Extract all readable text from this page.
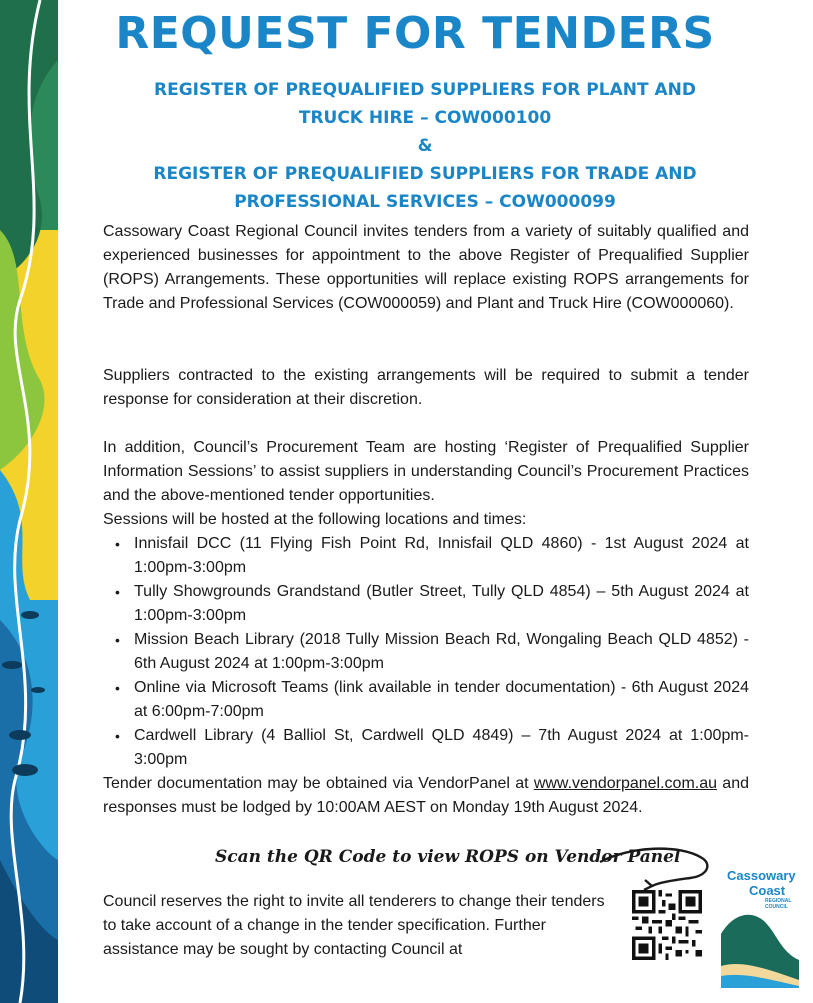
REQUEST FOR TENDERS

REGISTER OF PREQUALIFIED SUPPLIERS FOR PLANT AND
TRUCK HIRE – COW000100

&

REGISTER OF PREQUALIFIED SUPPLIERS FOR TRADE AND
PROFESSIONAL SERVICES – COW000099

Cassowary Coast Regional Council invites tenders from a variety of suitably qualified and experienced businesses for appointment to the above Register of Prequalified Supplier (ROPS) Arrangements. These opportunities will replace existing ROPS arrangements for Trade and Professional Services (COW000059) and Plant and Truck Hire (COW000060).

Suppliers contracted to the existing arrangements will be required to submit a tender response for consideration at their discretion.

In addition, Council’s Procurement Team are hosting ‘Register of Prequalified Supplier Information Sessions’ to assist suppliers in understanding Council’s Procurement Practices and the above-mentioned tender opportunities.

Sessions will be hosted at the following locations and times:

• Innisfail DCC (11 Flying Fish Point Rd, Innisfail QLD 4860) - 1st August 2024 at 1:00pm-3:00pm
• Tully Showgrounds Grandstand (Butler Street, Tully QLD 4854) – 5th August 2024 at 1:00pm-3:00pm
• Mission Beach Library (2018 Tully Mission Beach Rd, Wongaling Beach QLD 4852) - 6th August 2024 at 1:00pm-3:00pm
• Online via Microsoft Teams (link available in tender documentation) - 6th August 2024 at 6:00pm-7:00pm
• Cardwell Library (4 Balliol St, Cardwell QLD 4849) – 7th August 2024 at 1:00pm-3:00pm

Tender documentation may be obtained via VendorPanel at www.vendorpanel.com.au and responses must be lodged by 10:00AM AEST on Monday 19th August 2024.

Scan the QR Code to view ROPS on Vendor Panel

Council reserves the right to invite all tenderers to change their tenders to take account of a change in the tender specification. Further assistance may be sought by contacting Council at

Cassowary
Coast
REGIONAL COUNCIL
